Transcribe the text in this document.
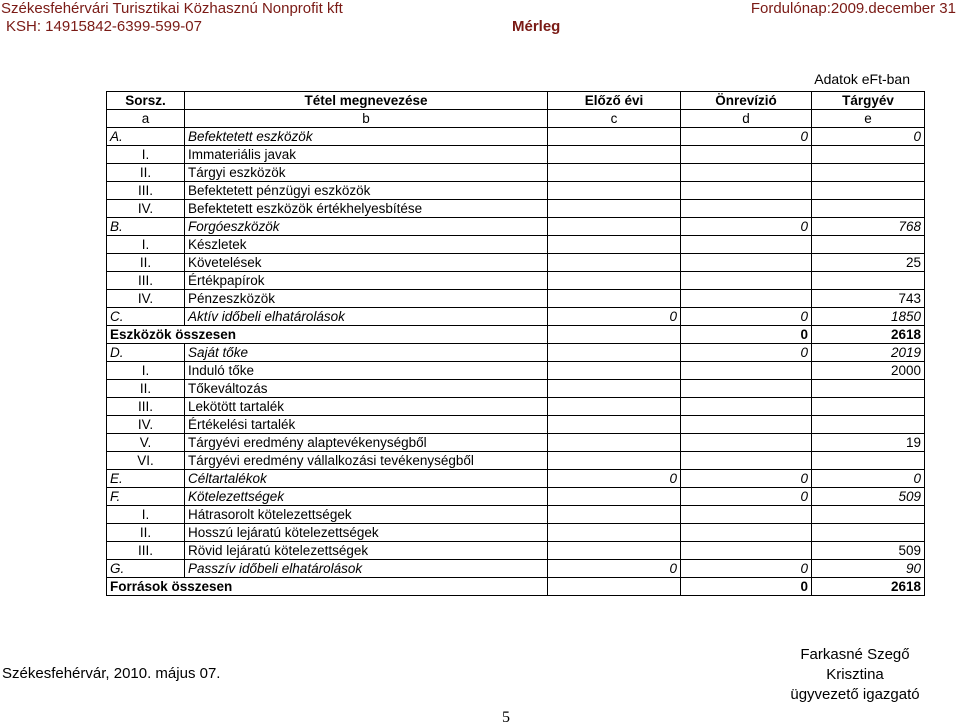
Székesfehérvári Turisztikai Közhasznú Nonprofit kft
KSH: 14915842-6399-599-07	Mérleg
Fordulónap:2009.december 31
Adatok eFt-ban
Sorsz.	Tétel megnevezése	Előző évi	Önrevízió	Tárgyév
a	b	c	d	e
A.	Befektetett eszközök		0	0
I.	Immateriális javak			
II.	Tárgyi eszközök			
III.	Befektetett pénzügyi eszközök			
IV.	Befektetett eszközök értékhelyesbítése			
B.	Forgóeszközök		0	768
I.	Készletek			
II.	Követelések			25
III.	Értékpapírok			
IV.	Pénzeszközök			743
C.	Aktív időbeli elhatárolások	0	0	1850
Eszközök összesen			0	2618
D.	Saját tőke		0	2019
I.	Induló tőke			2000
II.	Tőkeváltozás			
III.	Lekötött tartalék			
IV.	Értékelési tartalék			
V.	Tárgyévi eredmény alaptevékenységből			19
VI.	Tárgyévi eredmény vállalkozási tevékenységből			
E.	Céltartalékok	0	0	0
F.	Kötelezettségek		0	509
I.	Hátrasorolt kötelezettségek			
II.	Hosszú lejáratú kötelezettségek			
III.	Rövid lejáratú kötelezettségek			509
G.	Passzív időbeli elhatárolások	0	0	90
Források összesen			0	2618
Székesfehérvár, 2010. május 07.
Farkasné Szegő Krisztina
ügyvezető igazgató
5
